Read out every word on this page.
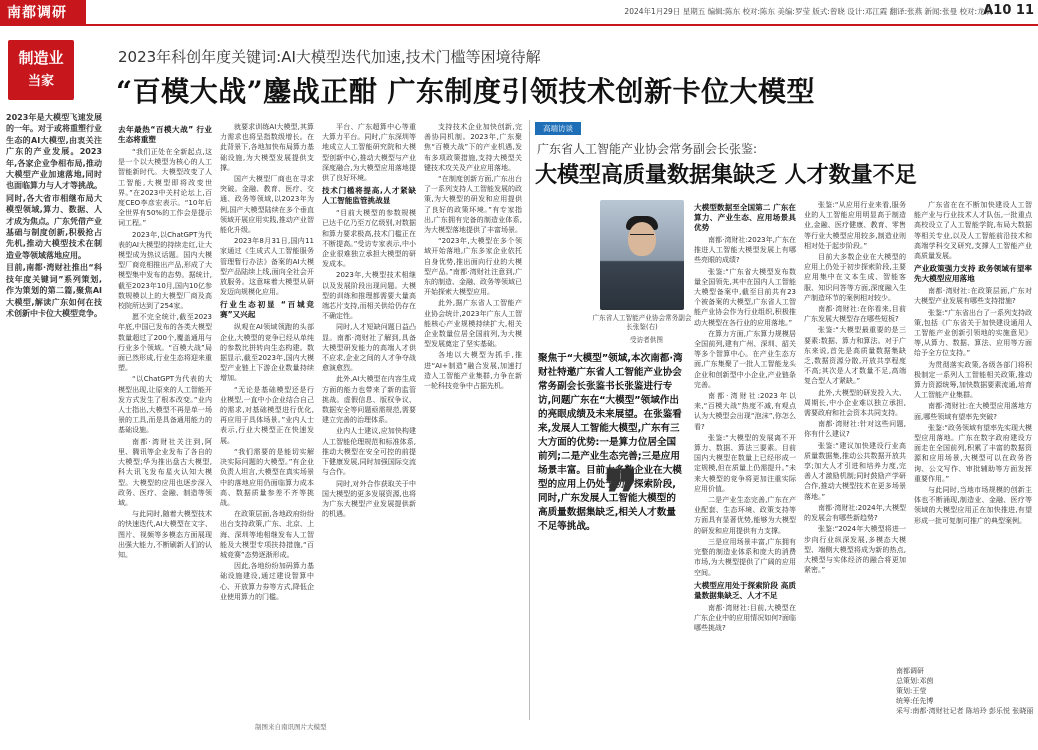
南都调研	2024年1月29日 星期五 编辑:陈东 校对:陈东 美编:罗莹 版式:曾晓 设计:邓江霞 翻译:张燕 新闻:张曼 校对:龙斌
A10 11
制造业
当家
2023年科创年度关键词:AI大模型迭代加速,技术门槛等困境待解
“百模大战”鏖战正酣 广东制度引领技术创新卡位大模型

2023年是大模型飞速发展的一年。对于或将重塑行业生态的AI大模型,由衷关注广东的产业发展。2023年,各家企业争相布局,推动大模型产业加速落地,同时也面临算力与人才等挑战。

同时,各大省市相继布局大模型领域,算力、数据、人才成为焦点。广东凭借产业基础与制度创新,积极抢占先机,推动大模型技术在制造业等领域落地应用。

目前,南都·湾财社推出“科技年度关键词”系列策划,作为策划的第二篇,聚焦AI大模型,解读广东如何在技术创新中卡位大模型竞争。

去年最热“百模大战” 行业生态将重塑

“我们正处在全新起点,这是一个以大模型为核心的人工智能新时代。大模型改变了人工智能,大模型即将改变世界。”在2023中关村论坛上,百度CEO李彦宏表示。“10年后全世界有50%的工作会是提示词工程。”

2023年,以ChatGPT为代表的AI大模型的持续走红,让大模型成为热议话题。国内大模型厂商竞相推出产品,形成了大模型集中发布的态势。据统计,截至2023年10月,国内10亿参数规模以上的大模型厂商及高校院所达到了254家。

愿不完全统计,截至2023年底,中国已发布的各类大模型数量超过了200个,覆盖通用与行业多个领域。“百模大战”局面已然形成,行业生态将迎来重塑。

“以ChatGPT为代表的大模型出现,让原来的人工智能开发方式发生了根本改变。”业内人士指出,大模型不再是单一场景的工具,而是具备通用能力的基础设施。

南都·湾财社关注到,阿里、腾讯等企业发布了各自的大模型;华为推出盘古大模型,科大讯飞发布星火认知大模型。大模型的应用也逐步深入政务、医疗、金融、制造等领域。

与此同时,随着大模型技术的快速迭代,AI大模型在文字、图片、视频等多模态方面展现出强大能力,不断刷新人们的认知。

就要求训练AI大模型,其算力需求也将呈指数级增长。在此背景下,各地加快布局算力基础设施,为大模型发展提供支撑。

国产大模型厂商也在寻求突破。金融、教育、医疗、交通、政务等领域,以2023年为例,国产大模型陆续在多个垂直领域开展应用实践,推动产业智能化升级。

2023年8月31日,国内11家通过《生成式人工智能服务管理暂行办法》备案的AI大模型产品陆续上线,面向全社会开放服务。这意味着大模型从研发迈向规模化应用。

行业生态初显 “百城竞赛”又兴起

纵观在AI领域领跑的头部企业,大模型的竞争已经从单纯的参数比拼转向生态构建。数据显示,截至2023年,国内大模型产业链上下游企业数量持续增加。

“无论是基础模型还是行业模型,一直中小企业结合自己的需求,对基础模型进行优化,再应用于具体场景。”业内人士表示,行业大模型正在快速发展。

“我们需要的是能切实解决实际问题的大模型。”有企业负责人坦言,大模型在真实场景中的落地应用仍面临算力成本高、数据质量参差不齐等挑战。

在政策层面,各地政府纷纷出台支持政策,广东、北京、上海、深圳等地相继发布人工智能及大模型专项扶持措施,“百城竞赛”态势逐渐形成。

因此,各地纷纷加码算力基础设施建设,通过建设智算中心、开放算力券等方式,降低企业使用算力的门槛。

平台、广东超算中心等重大算力平台。同时,广东深圳等地成立人工智能研究院和大模型创新中心,推动大模型与产业深度融合,为大模型应用落地提供了良好环境。

技术门槛将提高,人才紧缺 人工智能监管挑战显

“目前大模型的参数规模已达千亿乃至万亿级别,对数据和算力要求极高,技术门槛正在不断提高。”受访专家表示,中小企业很难独立承担大模型的研发成本。

2023年,大模型技术相继以及发展阶段出现问题。大模型的训练和推理都需要大量高端芯片支持,而相关供给仍存在不确定性。

同时,人才短缺问题日益凸显。南都·湾财社了解到,具备大模型研发能力的高端人才供不应求,企业之间的人才争夺战愈演愈烈。

此外,AI大模型在内容生成方面的能力也带来了新的监管挑战。虚假信息、版权争议、数据安全等问题亟需规范,需要建立完善的治理体系。

业内人士建议,应加快构建人工智能伦理规范和标准体系,推动大模型在安全可控的前提下健康发展,同时加强国际交流与合作。

同时,对外合作获取关于中国大模型的更多发展资源,也将为广东大模型产业发展提供新的机遇。

支持技术企业加快创新,完善协同机制。2023年,广东聚焦“百模大战”下的产业机遇,发布多项政策措施,支持大模型关键技术攻关及产业应用落地。

“在制度创新方面,广东出台了一系列支持人工智能发展的政策,为大模型的研发和应用提供了良好的政策环境。”有专家指出,广东拥有完备的制造业体系,为大模型落地提供了丰富场景。

“2023年,大模型在多个领域开始落地,广东多家企业依托自身优势,推出面向行业的大模型产品。”南都·湾财社注意到,广东的制造、金融、政务等领域已开始探索大模型应用。

此外,据广东省人工智能产业协会统计,2023年广东人工智能核心产业规模持续扩大,相关企业数量位居全国前列,为大模型发展奠定了坚实基础。

各地以大模型为抓手,推进“AI+制造”融合发展,加速打造人工智能产业集群,力争在新一轮科技竞争中占据先机。

制图来自南讯图片大模型
高端访谈
广东省人工智能产业协会常务副会长张鉴:
大模型高质量数据集缺乏 人才数量不足
广东省人工智能产业协会常务副会长张鉴(右)
受访者供图
聚焦于“大模型”领域,本次南都·湾财社特邀广东省人工智能产业协会常务副会长张鉴书长张鉴进行专访,问题广东在“大模型”领域作出的亮眼成绩及未来展望。在张鉴看来,发展人工智能大模型,广东有三大方面的优势:一是算力位居全国前列;二是产业生态完善;三是应用场景丰富。目前大多数企业在大模型的应用上仍处于初步探索阶段,同时,广东发展人工智能大模型的高质量数据集缺乏,相关人才数量不足等挑战。 ❞
大模型数据至全国第二 广东在算力、产业生态、应用场景具优势

南都·湾财社:2023年,广东在推进人工智能大模型发展上有哪些亮眼的成绩?

张鉴:“广东省大模型发布数量全国领先,其中在国内人工智能大模型备案中,截至目前共有23个被备案的大模型,广东省人工智能产业协会作为行业组织,积极推动大模型在各行业的应用落地。”

在算力方面,广东算力规模居全国前列,建有广州、深圳、韶关等多个智算中心。在产业生态方面,广东集聚了一批人工智能龙头企业和创新型中小企业,产业链条完善。

南都·湾财社:2023年以来,“百模大战”热度不减,有观点认为大模型会出现“泡沫”,你怎么看?

张鉴:“大模型的发展离不开算力、数据、算法三要素。目前国内大模型在数量上已经形成一定规模,但在质量上仍需提升。”未来大模型的竞争将更加注重实际应用价值。

二是产业生态完善,广东在产业配套、生态环境、政策支持等方面具有显著优势,能够为大模型的研发和应用提供有力支撑。

三是应用场景丰富,广东拥有完整的制造业体系和庞大的消费市场,为大模型提供了广阔的应用空间。

大模型应用处于探索阶段 高质量数据集缺乏、人才不足

南都·湾财社:目前,大模型在广东企业中的应用情况如何?面临哪些挑战?

张鉴:“从应用行业来看,服务业的人工智能应用明显高于制造业,金融、医疗健康、教育、零售等行业大模型应用较多,制造业则相对处于起步阶段。”

目前大多数企业在大模型的应用上仍处于初步探索阶段,主要应用集中在文本生成、智能客服、知识问答等方面,深度融入生产制造环节的案例相对较少。

南都·湾财社:在你看来,目前广东发展大模型存在哪些短板?

张鉴:“大模型最重要的是三要素:数据、算力和算法。对于广东来说,首先是高质量数据集缺乏,数据资源分散,开放共享程度不高;其次是人才数量不足,高端复合型人才紧缺。”

此外,大模型的研发投入大、周期长,中小企业难以独立承担,需要政府和社会资本共同支持。

南都·湾财社:针对这些问题,你有什么建议?

张鉴:“建议加快建设行业高质量数据集,推动公共数据开放共享;加大人才引进和培养力度,完善人才激励机制;同时鼓励产学研合作,推动大模型技术在更多场景落地。”

南都·湾财社:2024年,大模型的发展会有哪些新趋势?

张鉴:“2024年大模型将进一步向行业纵深发展,多模态大模型、端侧大模型将成为新的热点,大模型与实体经济的融合将更加紧密。”

广东省在在不断加快建设人工智能产业与行业技术人才队伍,一批重点高校设立了人工智能学院,布局大数据等相关专业,以及人工智能前沿技术和高端学科交叉研究,支撑人工智能产业高质量发展。

产业政策强力支持 政务领域有望率先大模型应用落地

南都·湾财社:在政策层面,广东对大模型产业发展有哪些支持措施?

张鉴:“广东省出台了一系列支持政策,包括《广东省关于加快建设通用人工智能产业创新引领地的实施意见》等,从算力、数据、算法、应用等方面给予全方位支持。”

为贯彻落实政策,各级各部门将积极制定一系列人工智能相关政策,推动算力资源统筹,加快数据要素流通,培育人工智能产业集群。

南都·湾财社:在大模型应用落地方面,哪些领域有望率先突破?

张鉴:“政务领域有望率先实现大模型应用落地。广东在数字政府建设方面走在全国前列,积累了丰富的数据资源和应用场景,大模型可以在政务咨询、公文写作、审批辅助等方面发挥重要作用。”

与此同时,当地市场规模的创新主体也不断涌现,制造业、金融、医疗等领域的大模型应用正在加快推进,有望形成一批可复制可推广的典型案例。

南都调研
总策划:邓茵
策划:王莹
统筹:任先博
采写:南都·湾财社记者 陈培玲 彭乐悦 张晓丽
